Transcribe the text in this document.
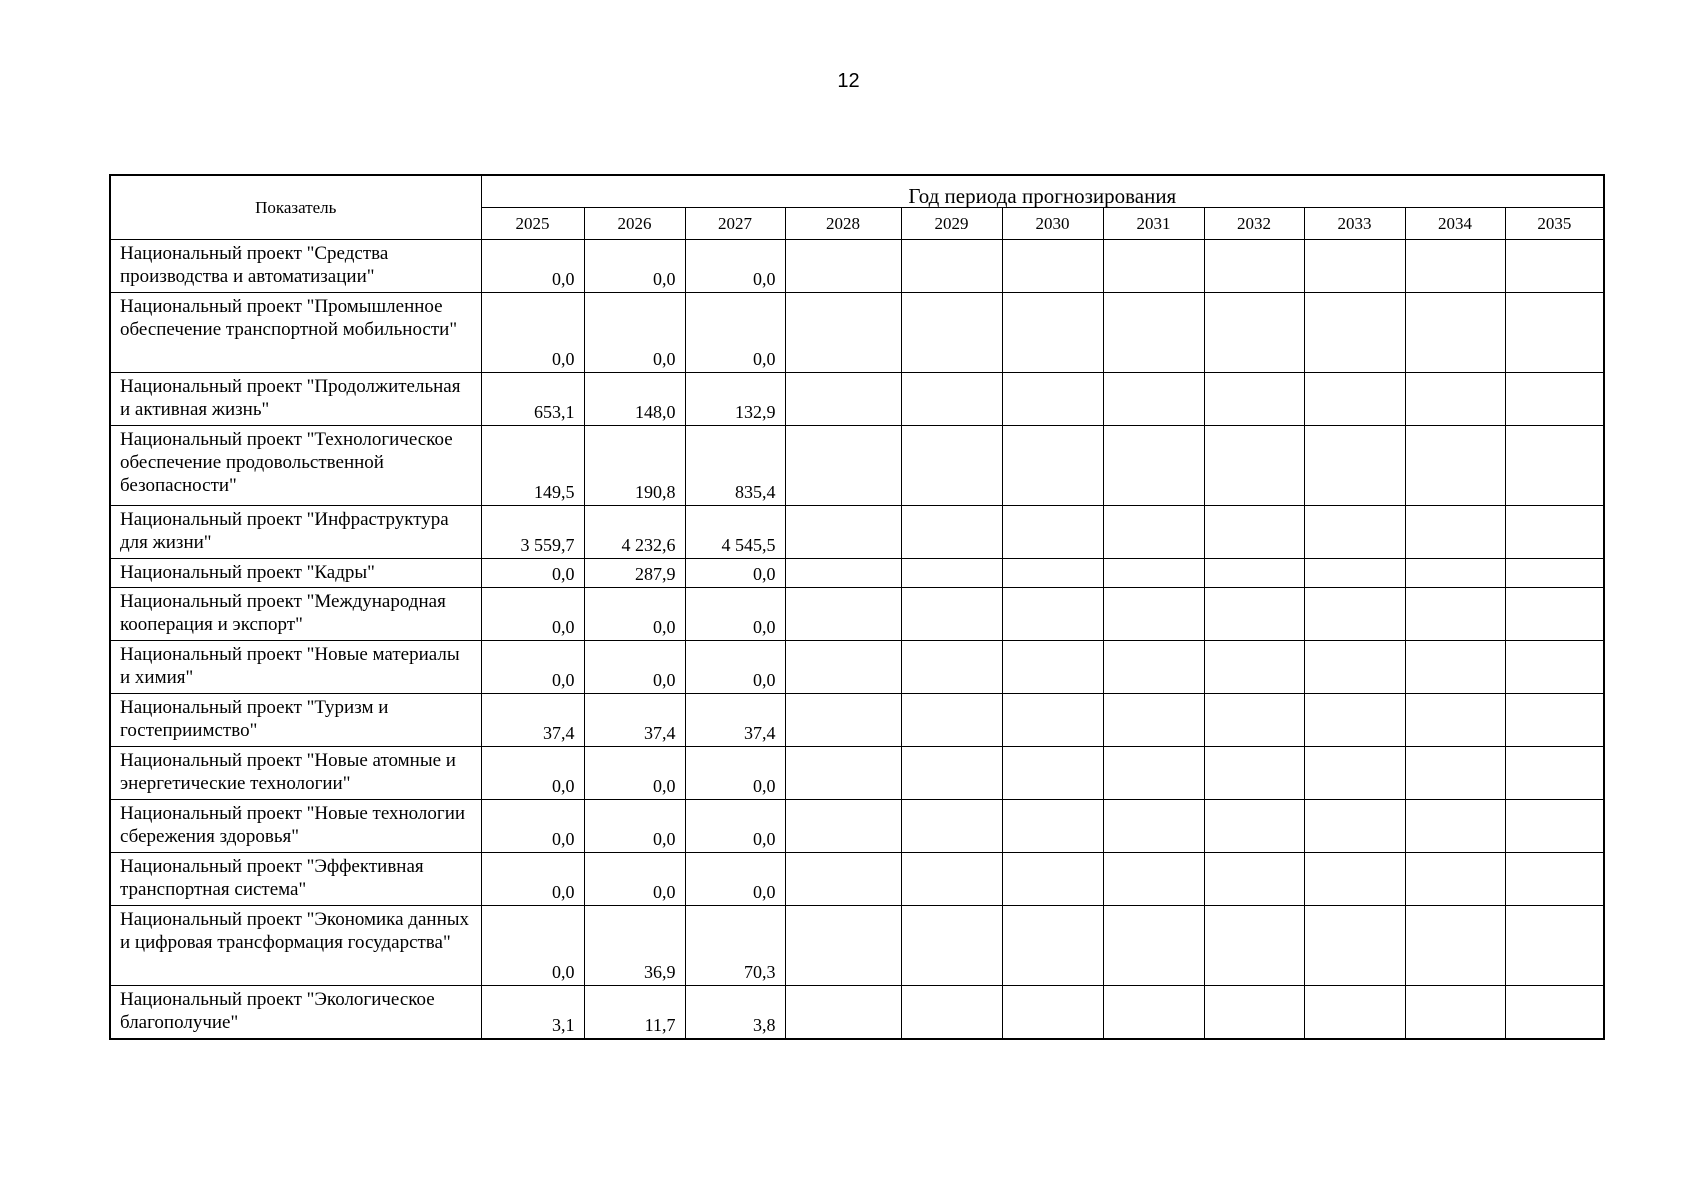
12
Показатель	Год периода прогнозирования										
	2025	2026	2027	2028	2029	2030	2031	2032	2033	2034	2035
Национальный проект "Средства производства и автоматизации"	0,0	0,0	0,0								
Национальный проект "Промышленное обеспечение транспортной мобильности"	0,0	0,0	0,0								
Национальный проект "Продолжительная и активная жизнь"	653,1	148,0	132,9								
Национальный проект "Технологическое обеспечение продовольственной безопасности"	149,5	190,8	835,4								
Национальный проект "Инфраструктура для жизни"	3 559,7	4 232,6	4 545,5								
Национальный проект "Кадры"	0,0	287,9	0,0								
Национальный проект "Международная кооперация и экспорт"	0,0	0,0	0,0								
Национальный проект "Новые материалы и химия"	0,0	0,0	0,0								
Национальный проект "Туризм и гостеприимство"	37,4	37,4	37,4								
Национальный проект "Новые атомные и энергетические технологии"	0,0	0,0	0,0								
Национальный проект "Новые технологии сбережения здоровья"	0,0	0,0	0,0								
Национальный проект "Эффективная транспортная система"	0,0	0,0	0,0								
Национальный проект "Экономика данных и цифровая трансформация государства"	0,0	36,9	70,3								
Национальный проект "Экологическое благополучие"	3,1	11,7	3,8								
